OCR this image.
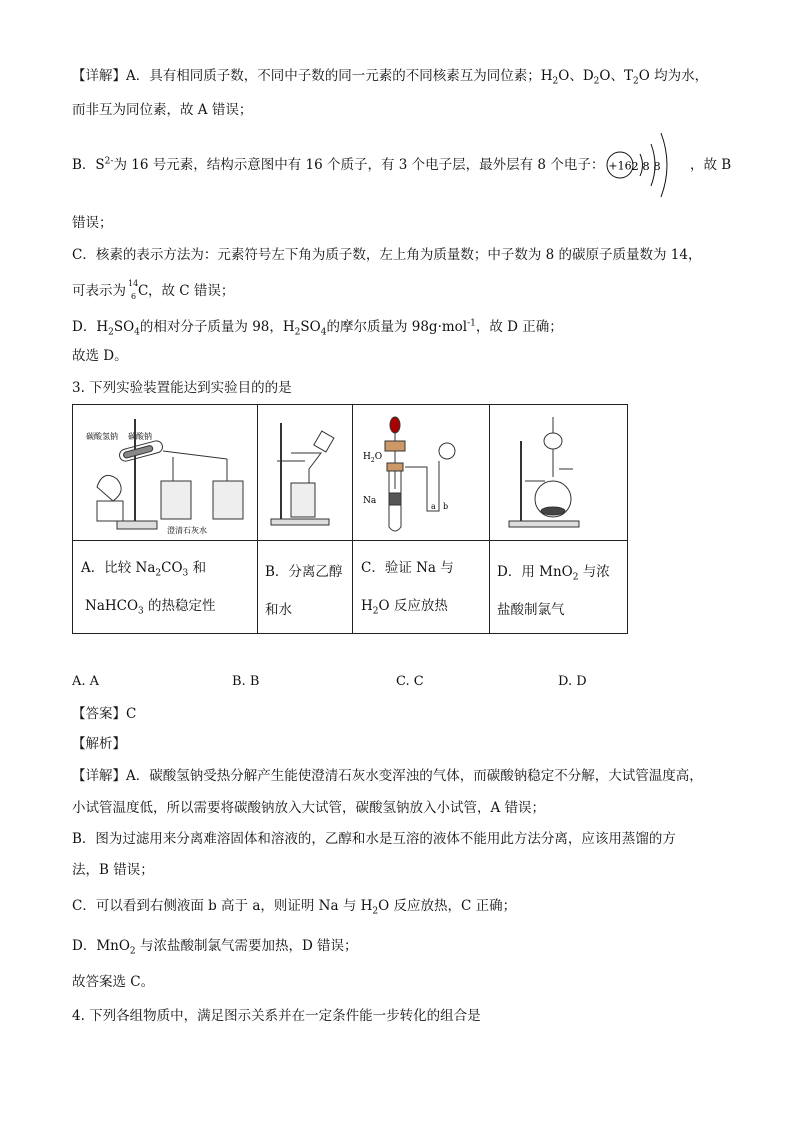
【详解】A．具有相同质子数，不同中子数的同一元素的不同核素互为同位素；$H_2O$、$D_2O$、$T_2O$ 均为水，
而非互为同位素，故 A 错误；
B．$S^{2-}$为 16 号元素，结构示意图中有 16 个质子，有 3 个电子层，最外层有 8 个电子： +16 2 8 8 ，故 B
错误；
C．核素的表示方法为：元素符号左下角为质子数，左上角为质量数；中子数为 8 的碳原子质量数为 14，
可表示为 14
6 C ，故 C 错误；
D．$H_2SO_4$的相对分子质量为 98，$H_2SO_4$的摩尔质量为 98g·mol$^{-1}$，故 D 正确；
故选 D。
3. 下列实验装置能达到实验目的的是
碳酸氢钠 碳酸钠
澄清石灰水
$H_2O$
Na
a b
A．比较 $Na_2CO_3$ 和
NaHCO$_3$ 的热稳定性
B．分离乙醇
和水
C．验证 Na 与
$H_2O$ 反应放热
D．用 MnO$_2$ 与浓
盐酸制氯气
A. A	B. B	C. C	D. D
【答案】C
【解析】
【详解】A．碳酸氢钠受热分解产生能使澄清石灰水变浑浊的气体，而碳酸钠稳定不分解，大试管温度高，
小试管温度低，所以需要将碳酸钠放入大试管，碳酸氢钠放入小试管，A 错误；
B．图为过滤用来分离难溶固体和溶液的，乙醇和水是互溶的液体不能用此方法分离，应该用蒸馏的方
法，B 错误；
C．可以看到右侧液面 b 高于 a，则证明 Na 与 $H_2O$ 反应放热，C 正确；
D．MnO$_2$ 与浓盐酸制氯气需要加热，D 错误；
故答案选 C。
4. 下列各组物质中，满足图示关系并在一定条件能一步转化的组合是
